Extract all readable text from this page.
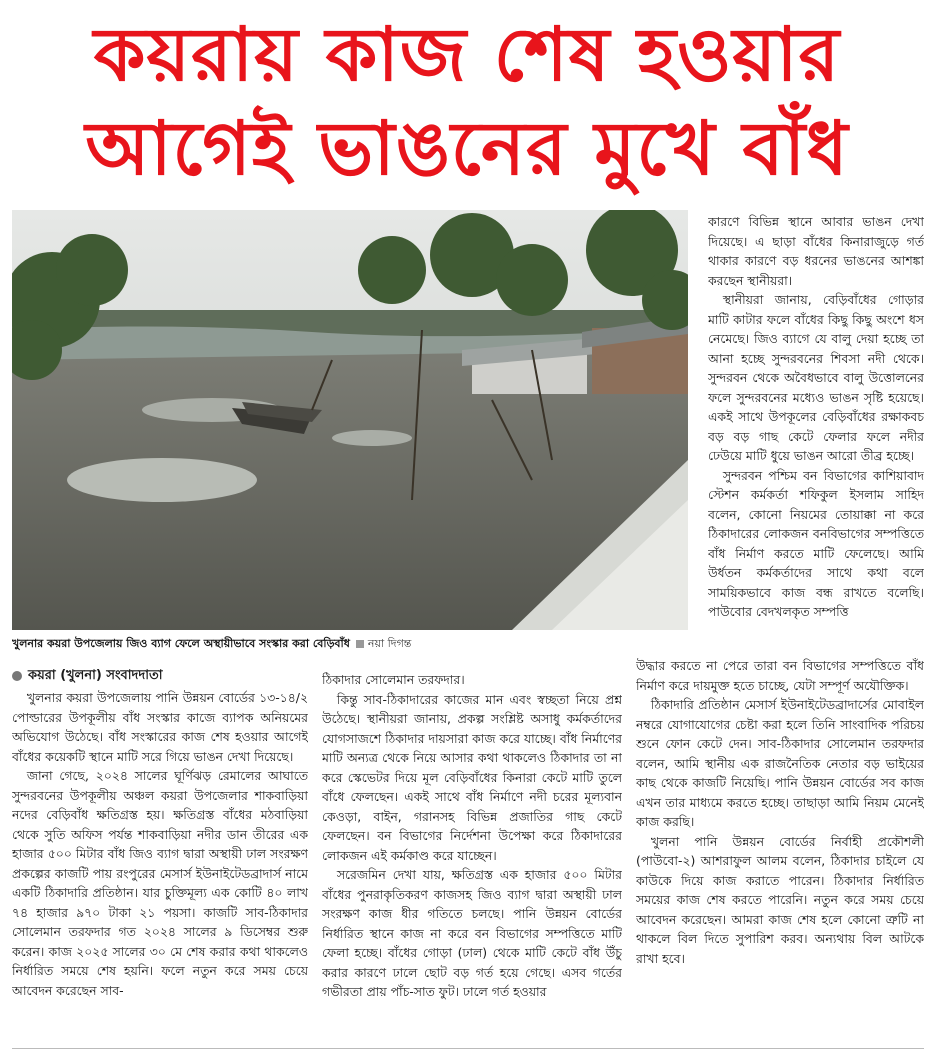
কয়রায় কাজ শেষ হওয়ার
আগেই ভাঙনের মুখে বাঁধ
খুলনার কয়রা উপজেলায় জিও ব্যাগ ফেলে অস্থায়ীভাবে সংস্কার করা বেড়িবাঁধ নয়া দিগন্ত

কারণে বিভিন্ন স্থানে আবার ভাঙন দেখা দিয়েছে। এ ছাড়া বাঁধের কিনারাজুড়ে গর্ত থাকার কারণে বড় ধরনের ভাঙনের আশঙ্কা করছেন স্থানীয়রা।

স্থানীয়রা জানায়, বেড়িবাঁধের গোড়ার মাটি কাটার ফলে বাঁধের কিছু কিছু অংশে ধস নেমেছে। জিও ব্যাগে যে বালু দেয়া হচ্ছে তা আনা হচ্ছে সুন্দরবনের শিবসা নদী থেকে। সুন্দরবন থেকে অবৈধভাবে বালু উত্তোলনের ফলে সুন্দরবনের মধ্যেও ভাঙন সৃষ্টি হয়েছে। একই সাথে উপকূলের বেড়িবাঁধের রক্ষাকবচ বড় বড় গাছ কেটে ফেলার ফলে নদীর ঢেউয়ে মাটি ধুয়ে ভাঙন আরো তীব্র হচ্ছে।

সুন্দরবন পশ্চিম বন বিভাগের কাশিয়াবাদ স্টেশন কর্মকর্তা শফিকুল ইসলাম সাহিদ বলেন, কোনো নিয়মের তোয়াক্কা না করে ঠিকাদারের লোকজন বনবিভাগের সম্পত্তিতে বাঁধ নির্মাণ করতে মাটি ফেলেছে। আমি উর্ধতন কর্মকর্তাদের সাথে কথা বলে সাময়িকভাবে কাজ বন্ধ রাখতে বলেছি। পাউবোর বেদখলকৃত সম্পত্তি

কয়রা (খুলনা) সংবাদদাতা

খুলনার কয়রা উপজেলায় পানি উন্নয়ন বোর্ডের ১৩-১৪/২ পোল্ডারের উপকূলীয় বাঁধ সংস্কার কাজে ব্যাপক অনিয়মের অভিযোগ উঠেছে। বাঁধ সংস্কারের কাজ শেষ হওয়ার আগেই বাঁধের কয়েকটি স্থানে মাটি সরে গিয়ে ভাঙন দেখা দিয়েছে।

জানা গেছে, ২০২৪ সালের ঘূর্ণিঝড় রেমালের আঘাতে সুন্দরবনের উপকূলীয় অঞ্চল কয়রা উপজেলার শাকবাড়িয়া নদের বেড়িবাঁধ ক্ষতিগ্রস্ত হয়। ক্ষতিগ্রস্ত বাঁধের মঠবাড়িয়া থেকে সুতি অফিস পর্যন্ত শাকবাড়িয়া নদীর ডান তীরের এক হাজার ৫০০ মিটার বাঁধ জিও ব্যাগ দ্বারা অস্থায়ী ঢাল সংরক্ষণ প্রকল্পের কাজটি পায় রংপুরের মেসার্স ইউনাইটেডব্রাদার্স নামে একটি ঠিকাদারি প্রতিষ্ঠান। যার চুক্তিমূল্য এক কোটি ৪০ লাখ ৭৪ হাজার ৯৭০ টাকা ২১ পয়সা। কাজটি সাব-ঠিকাদার সোলেমান তরফদার গত ২০২৪ সালের ৯ ডিসেম্বর শুরু করেন। কাজ ২০২৫ সালের ৩০ মে শেষ করার কথা থাকলেও নির্ধারিত সময়ে শেষ হয়নি। ফলে নতুন করে সময় চেয়ে আবেদন করেছেন সাব-

ঠিকাদার সোলেমান তরফদার।

কিন্তু সাব-ঠিকাদারের কাজের মান এবং স্বচ্ছতা নিয়ে প্রশ্ন উঠেছে। স্থানীয়রা জানায়, প্রকল্প সংশ্লিষ্ট অসাধু কর্মকর্তাদের যোগসাজশে ঠিকাদার দায়সারা কাজ করে যাচ্ছে। বাঁধ নির্মাণের মাটি অন্যত্র থেকে নিয়ে আসার কথা থাকলেও ঠিকাদার তা না করে স্কেভেটর দিয়ে মূল বেড়িবাঁধের কিনারা কেটে মাটি তুলে বাঁধে ফেলছেন। একই সাথে বাঁধ নির্মাণে নদী চরের মূল্যবান কেওড়া, বাইন, গরানসহ বিভিন্ন প্রজাতির গাছ কেটে ফেলছেন। বন বিভাগের নির্দেশনা উপেক্ষা করে ঠিকাদারের লোকজন এই কর্মকাণ্ড করে যাচ্ছেন।

সরেজমিন দেখা যায়, ক্ষতিগ্রস্ত এক হাজার ৫০০ মিটার বাঁধের পুনরাকৃতিকরণ কাজসহ জিও ব্যাগ দ্বারা অস্থায়ী ঢাল সংরক্ষণ কাজ ধীর গতিতে চলছে। পানি উন্নয়ন বোর্ডের নির্ধারিত স্থানে কাজ না করে বন বিভাগের সম্পত্তিতে মাটি ফেলা হচ্ছে। বাঁধের গোড়া (ঢাল) থেকে মাটি কেটে বাঁধ উঁচু করার কারণে ঢালে ছোট বড় গর্ত হয়ে গেছে। এসব গর্তের গভীরতা প্রায় পাঁচ-সাত ফুট। ঢালে গর্ত হওয়ার

উদ্ধার করতে না পেরে তারা বন বিভাগের সম্পত্তিতে বাঁধ নির্মাণ করে দায়মুক্ত হতে চাচ্ছে, যেটা সম্পূর্ণ অযৌক্তিক।

ঠিকাদারি প্রতিষ্ঠান মেসার্স ইউনাইটেডব্রাদার্সের মোবাইল নম্বরে যোগাযোগের চেষ্টা করা হলে তিনি সাংবাদিক পরিচয় শুনে ফোন কেটে দেন। সাব-ঠিকাদার সোলেমান তরফদার বলেন, আমি স্থানীয় এক রাজনৈতিক নেতার বড় ভাইয়ের কাছ থেকে কাজটি নিয়েছি। পানি উন্নয়ন বোর্ডের সব কাজ এখন তার মাধ্যমে করতে হচ্ছে। তাছাড়া আমি নিয়ম মেনেই কাজ করছি।

খুলনা পানি উন্নয়ন বোর্ডের নির্বাহী প্রকৌশলী (পাউবো-২) আশরাফুল আলম বলেন, ঠিকাদার চাইলে যে কাউকে দিয়ে কাজ করাতে পারেন। ঠিকাদার নির্ধারিত সময়ের কাজ শেষ করতে পারেনি। নতুন করে সময় চেয়ে আবেদন করেছেন। আমরা কাজ শেষ হলে কোনো ত্রুটি না থাকলে বিল দিতে সুপারিশ করব। অন্যথায় বিল আটকে রাখা হবে।
